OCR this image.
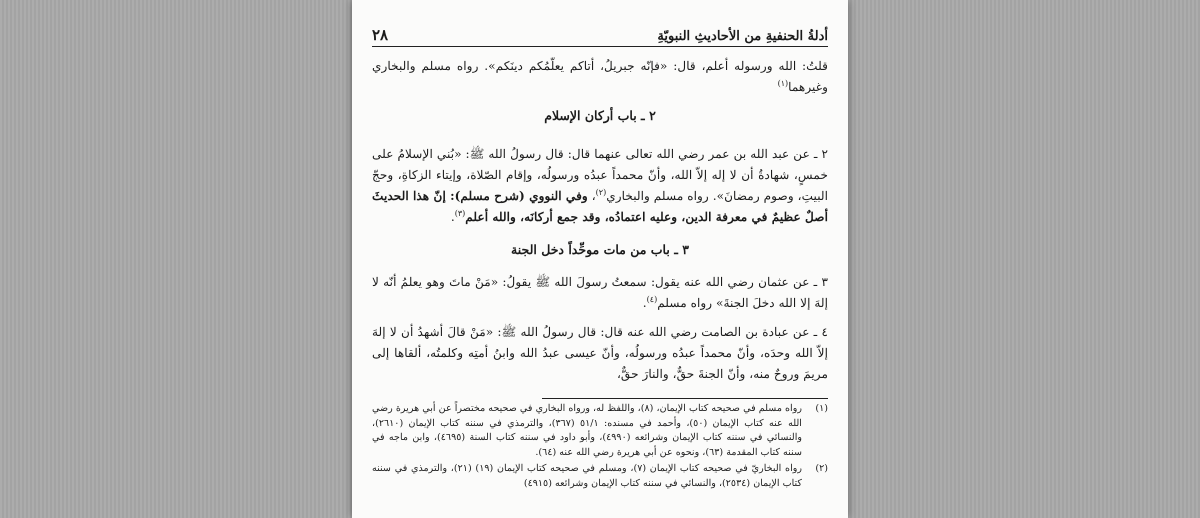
٢٨	أدلةُ الحنفيةِ من الأحاديثِ النبويّةِ

قلتُ: الله ورسوله أعلم، قال: «فإنّه جبريلُ، أتاكم يعلّمُكم دينَكم». رواه مسلم والبخاري وغيرهما$^{(١)}$

٢ ـ باب أركان الإسلام

٢ ـ عن عبد الله بن عمر رضي الله تعالى عنهما قال: قال رسولُ الله ﷺ: «بُني الإسلامُ على خمسٍ، شهادةُ أن لا إله إلاّ الله، وأنّ محمداً عبدُه ورسولُه، وإقام الصّلاة، وإيتاء الزكاةِ، وحجّ البيتِ، وصوم رمضانَ». رواه مسلم والبخاري$^{(٢)}$، وفي النووي (شرح مسلم): إنّ هذا الحديثَ أصلٌ عظيمٌ في معرفة الدين، وعليه اعتمادُه، وقد جمع أركانَه، والله أعلم$^{(٣)}$.

٣ ـ باب من مات موحِّداً دخل الجنة

٣ ـ عن عثمان رضي الله عنه يقول: سمعتُ رسولَ الله ﷺ يقولُ: «مَنْ ماتَ وهو يعلمُ أنّه لا إلهَ إلا الله دخلَ الجنةَ» رواه مسلم$^{(٤)}$.

٤ ـ عن عبادة بن الصامت رضي الله عنه قال: قال رسولُ الله ﷺ: «مَنْ قالَ أشهدُ أن لا إلهَ إلاّ الله وحدَه، وأنّ محمداً عبدُه ورسولُه، وأنّ عيسى عبدُ الله وابنُ أمتِه وكلمتُه، ألقاها إلى مريمَ وروحٌ منه، وأنّ الجنةَ حقٌّ، والنارَ حقٌّ،

(١)
رواه مسلم في صحيحه كتاب الإيمان، (٨)، واللفظ له، ورواه البخاري في صحيحه مختصراً عن أبي هريرة رضي الله عنه كتاب الإيمان (٥٠)، وأحمد في مسنده: ٥١/١ (٣٦٧)، والترمذي في سننه كتاب الإيمان (٢٦١٠)، والنسائي في سننه كتاب الإيمان وشرائعه (٤٩٩٠)، وأبو داود في سننه كتاب السنة (٤٦٩٥)، وابن ماجه في سننه كتاب المقدمة (٦٣)، ونحوه عن أبي هريرة رضي الله عنه (٦٤).
(٢)
رواه البخاريّ في صحيحه كتاب الإيمان (٧)، ومسلم في صحيحه كتاب الإيمان (١٩) (٢١)، والترمذي في سننه كتاب الإيمان (٢٥٣٤)، والنسائي في سننه كتاب الإيمان وشرائعه (٤٩١٥)
